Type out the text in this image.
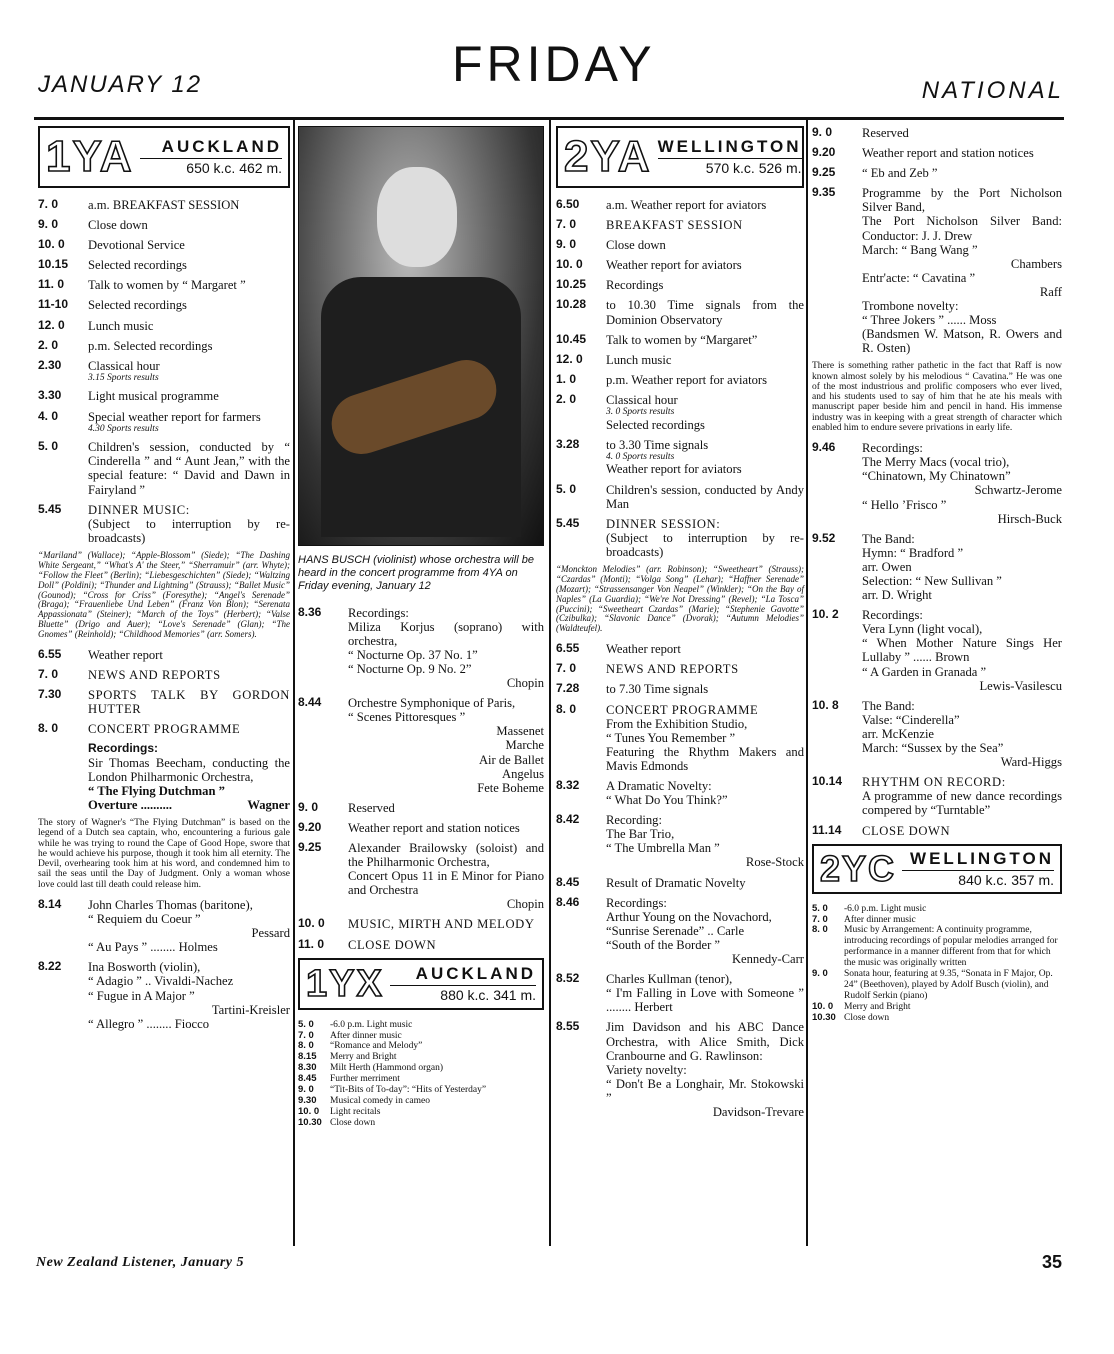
JANUARY 12	FRIDAY	NATIONAL
1YA	AUCKLAND
650 k.c. 462 m.
7. 0	a.m. BREAKFAST SESSION
9. 0	Close down
10. 0	Devotional Service
10.15	Selected recordings
11. 0	Talk to women by “ Margaret ”
11-10	Selected recordings
12. 0	Lunch music
2. 0	p.m. Selected recordings
2.30	Classical hour
3.15 Sports results
3.30	Light musical programme
4. 0	Special weather report for farmers
4.30 Sports results
5. 0	Children's session, conducted by “ Cinderella ” and “ Aunt Jean,” with the special feature: “ David and Dawn in Fairyland ”
5.45	DINNER MUSIC:
(Subject to interruption by re-broadcasts)
“Mariland” (Wallace); “Apple-Blossom” (Siede); “The Dashing White Sergeant,” “What's A' the Steer,” “Sherramuir” (arr. Whyte); “Follow the Fleet” (Berlin); “Liebesgeschichten” (Siede); “Waltzing Doll” (Poldini); “Thunder and Lightning” (Strauss); “Ballet Music” (Gounod); “Cross for Criss” (Foresythe); “Angel's Serenade” (Braga); “Frauenliebe Und Leben” (Franz Von Blon); “Serenata Appassionata” (Steiner); “March of the Toys” (Herbert); “Valse Bluette” (Drigo and Auer); “Love's Serenade” (Glan); “The Gnomes” (Reinhold); “Childhood Memories” (arr. Somers).
6.55	Weather report
7. 0	NEWS AND REPORTS
7.30	SPORTS TALK BY GORDON HUTTER
8. 0	CONCERT PROGRAMME
Recordings:
Sir Thomas Beecham, conducting the London Philharmonic Orchestra,
“ The Flying Dutchman ”
Overture ..........	Wagner
The story of Wagner's “The Flying Dutchman” is based on the legend of a Dutch sea captain, who, encountering a furious gale while he was trying to round the Cape of Good Hope, swore that he would achieve his purpose, though it took him all eternity. The Devil, overhearing took him at his word, and condemned him to sail the seas until the Day of Judgment. Only a woman whose love could last till death could release him.
8.14	John Charles Thomas (baritone),
“ Requiem du Coeur ”
Pessard
“ Au Pays ” ........ Holmes
8.22	Ina Bosworth (violin),
“ Adagio ” .. Vivaldi-Nachez
“ Fugue in A Major ”
Tartini-Kreisler
“ Allegro ” ........ Fiocco
HANS BUSCH (violinist) whose orchestra will be heard in the concert programme from 4YA on Friday evening, January 12
8.36	Recordings:
Miliza Korjus (soprano) with orchestra,
“ Nocturne Op. 37 No. 1”
“ Nocturne Op. 9 No. 2”
Chopin
8.44	Orchestre Symphonique of Paris,
“ Scenes Pittoresques ”
Massenet
Marche
Air de Ballet
Angelus
Fete Boheme
9. 0	Reserved
9.20	Weather report and station notices
9.25	Alexander Brailowsky (soloist) and the Philharmonic Orchestra,
Concert Opus 11 in E Minor for Piano and Orchestra
Chopin
10. 0	MUSIC, MIRTH AND MELODY
11. 0	CLOSE DOWN
1YX	AUCKLAND
880 k.c. 341 m.
5. 0	-6.0 p.m. Light music
7. 0	After dinner music
8. 0	“Romance and Melody”
8.15	Merry and Bright
8.30	Milt Herth (Hammond organ)
8.45	Further merriment
9. 0	“Tit-Bits of To-day”: “Hits of Yesterday”
9.30	Musical comedy in cameo
10. 0	Light recitals
10.30 Close down
2YA WELLINGTON
570 k.c. 526 m.
6.50	a.m. Weather report for aviators
7. 0	BREAKFAST SESSION
9. 0	Close down
10. 0	Weather report for aviators
10.25	Recordings
10.28	to 10.30 Time signals from the Dominion Observatory
10.45	Talk to women by “Margaret”
12. 0	Lunch music
1. 0	p.m. Weather report for aviators
2. 0	Classical hour
3. 0 Sports results
Selected recordings
3.28	to 3.30 Time signals
4. 0 Sports results
Weather report for aviators
5. 0	Children's session, conducted by Andy Man
5.45	DINNER SESSION:
(Subject to interruption by re-broadcasts)
“Monckton Melodies” (arr. Robinson); “Sweetheart” (Strauss); “Czardas” (Monti); “Volga Song” (Lehar); “Haffner Serenade” (Mozart); “Strassensanger Von Neapel” (Winkler); “On the Bay of Naples” (La Guardia); “We're Not Dressing” (Revel); “La Tosca” (Puccini); “Sweetheart Czardas” (Marie); “Stephenie Gavotte” (Czibulka); “Slavonic Dance” (Dvorak); “Autumn Melodies” (Waldteufel).
6.55	Weather report
7. 0	NEWS AND REPORTS
7.28	to 7.30 Time signals
8. 0	CONCERT PROGRAMME
From the Exhibition Studio,
“ Tunes You Remember ”
Featuring the Rhythm Makers and Mavis Edmonds
8.32	A Dramatic Novelty:
“ What Do You Think?”
8.42	Recording:
The Bar Trio,
“ The Umbrella Man ”
Rose-Stock
8.45	Result of Dramatic Novelty
8.46	Recordings:
Arthur Young on the Novachord,
“Sunrise Serenade” .. Carle
“South of the Border ”
Kennedy-Carr
8.52	Charles Kullman (tenor),
“ I'm Falling in Love with Someone ” ........ Herbert
8.55	Jim Davidson and his ABC Dance Orchestra, with Alice Smith, Dick Cranbourne and G. Rawlinson:
Variety novelty:
“ Don't Be a Longhair, Mr. Stokowski ”
Davidson-Trevare
9. 0	Reserved
9.20	Weather report and station notices
9.25	“ Eb and Zeb ”
9.35	Programme by the Port Nicholson Silver Band,
The Port Nicholson Silver Band: Conductor: J. J. Drew
March: “ Bang Wang ”
Chambers
Entr'acte: “ Cavatina ”
Raff
Trombone novelty:
“ Three Jokers ” ...... Moss
(Bandsmen W. Matson, R. Owers and R. Osten)
There is something rather pathetic in the fact that Raff is now known almost solely by his melodious “ Cavatina.” He was one of the most industrious and prolific composers who ever lived, and his students used to say of him that he ate his meals with manuscript paper beside him and pencil in hand. His immense industry was in keeping with a great strength of character which enabled him to endure severe privations in early life.
9.46	Recordings:
The Merry Macs (vocal trio),
“Chinatown, My Chinatown”
Schwartz-Jerome
“ Hello ’Frisco ”
Hirsch-Buck
9.52	The Band:
Hymn: “ Bradford ”
arr. Owen
Selection: “ New Sullivan ”
arr. D. Wright
10. 2	Recordings:
Vera Lynn (light vocal),
“ When Mother Nature Sings Her Lullaby ” ...... Brown
“ A Garden in Granada ”
Lewis-Vasilescu
10. 8	The Band:
Valse: “Cinderella”
arr. McKenzie
March: “Sussex by the Sea”
Ward-Higgs
10.14	RHYTHM ON RECORD:
A programme of new dance recordings compered by “Turntable”
11.14	CLOSE DOWN
2YC WELLINGTON
840 k.c. 357 m.
5. 0	-6.0 p.m. Light music
7. 0	After dinner music
8. 0	Music by Arrangement: A continuity programme, introducing recordings of popular melodies arranged for performance in a manner different from that for which the music was originally written
9. 0	Sonata hour, featuring at 9.35, “Sonata in F Major, Op. 24” (Beethoven), played by Adolf Busch (violin), and Rudolf Serkin (piano)
10. 0	Merry and Bright
10.30 Close down
New Zealand Listener, January 5	35
